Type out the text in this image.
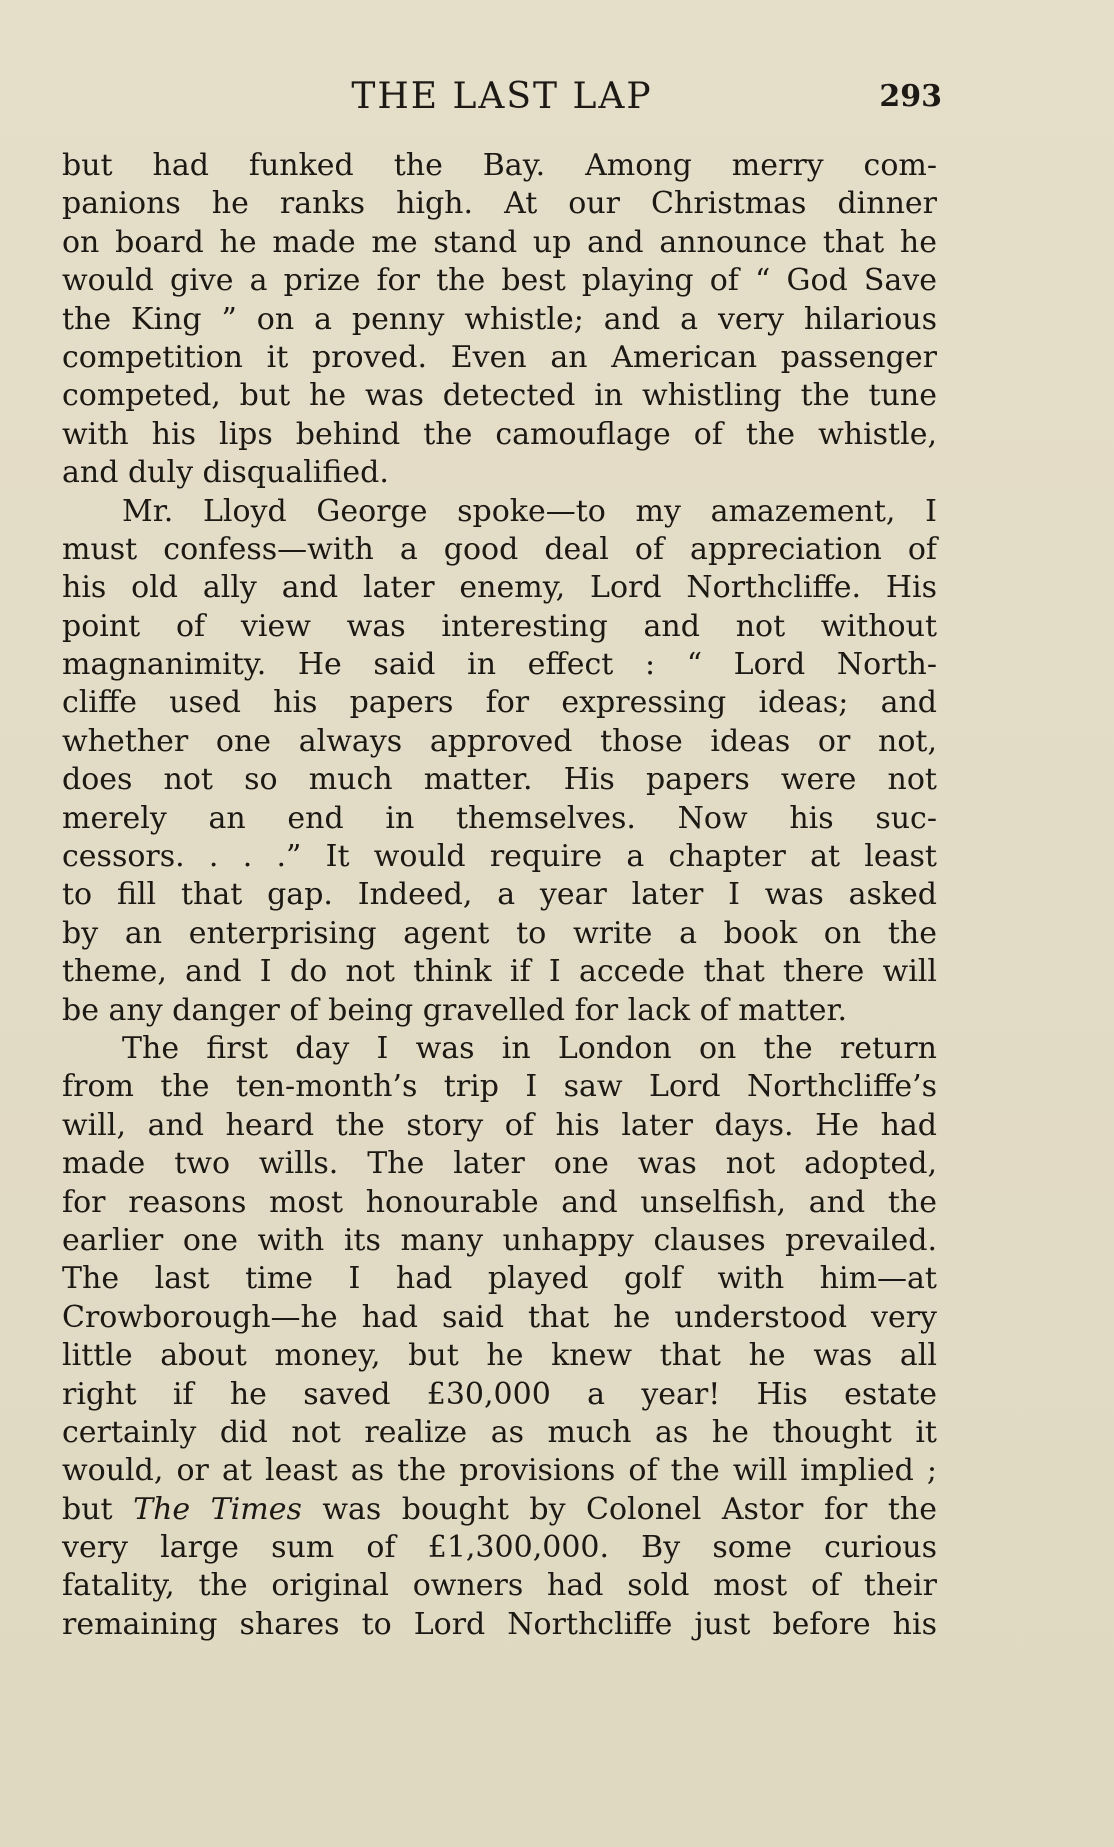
THE LAST LAP	293
but had funked the Bay. Among merry com-
panions he ranks high. At our Christmas dinner
on board he made me stand up and announce that he
would give a prize for the best playing of “ God Save
the King ” on a penny whistle; and a very hilarious
competition it proved. Even an American passenger
competed, but he was detected in whistling the tune
with his lips behind the camouflage of the whistle,
and duly disqualified.
Mr. Lloyd George spoke—to my amazement, I
must confess—with a good deal of appreciation of
his old ally and later enemy, Lord Northcliffe. His
point of view was interesting and not without
magnanimity. He said in effect : “ Lord North-
cliffe used his papers for expressing ideas; and
whether one always approved those ideas or not,
does not so much matter. His papers were not
merely an end in themselves. Now his suc-
cessors. . . .” It would require a chapter at least
to fill that gap. Indeed, a year later I was asked
by an enterprising agent to write a book on the
theme, and I do not think if I accede that there will
be any danger of being gravelled for lack of matter.
The first day I was in London on the return
from the ten-month’s trip I saw Lord Northcliffe’s
will, and heard the story of his later days. He had
made two wills. The later one was not adopted,
for reasons most honourable and unselfish, and the
earlier one with its many unhappy clauses prevailed.
The last time I had played golf with him—at
Crowborough—he had said that he understood very
little about money, but he knew that he was all
right if he saved £30,000 a year! His estate
certainly did not realize as much as he thought it
would, or at least as the provisions of the will implied ;
but The Times was bought by Colonel Astor for the
very large sum of £1,300,000. By some curious
fatality, the original owners had sold most of their
remaining shares to Lord Northcliffe just before his
